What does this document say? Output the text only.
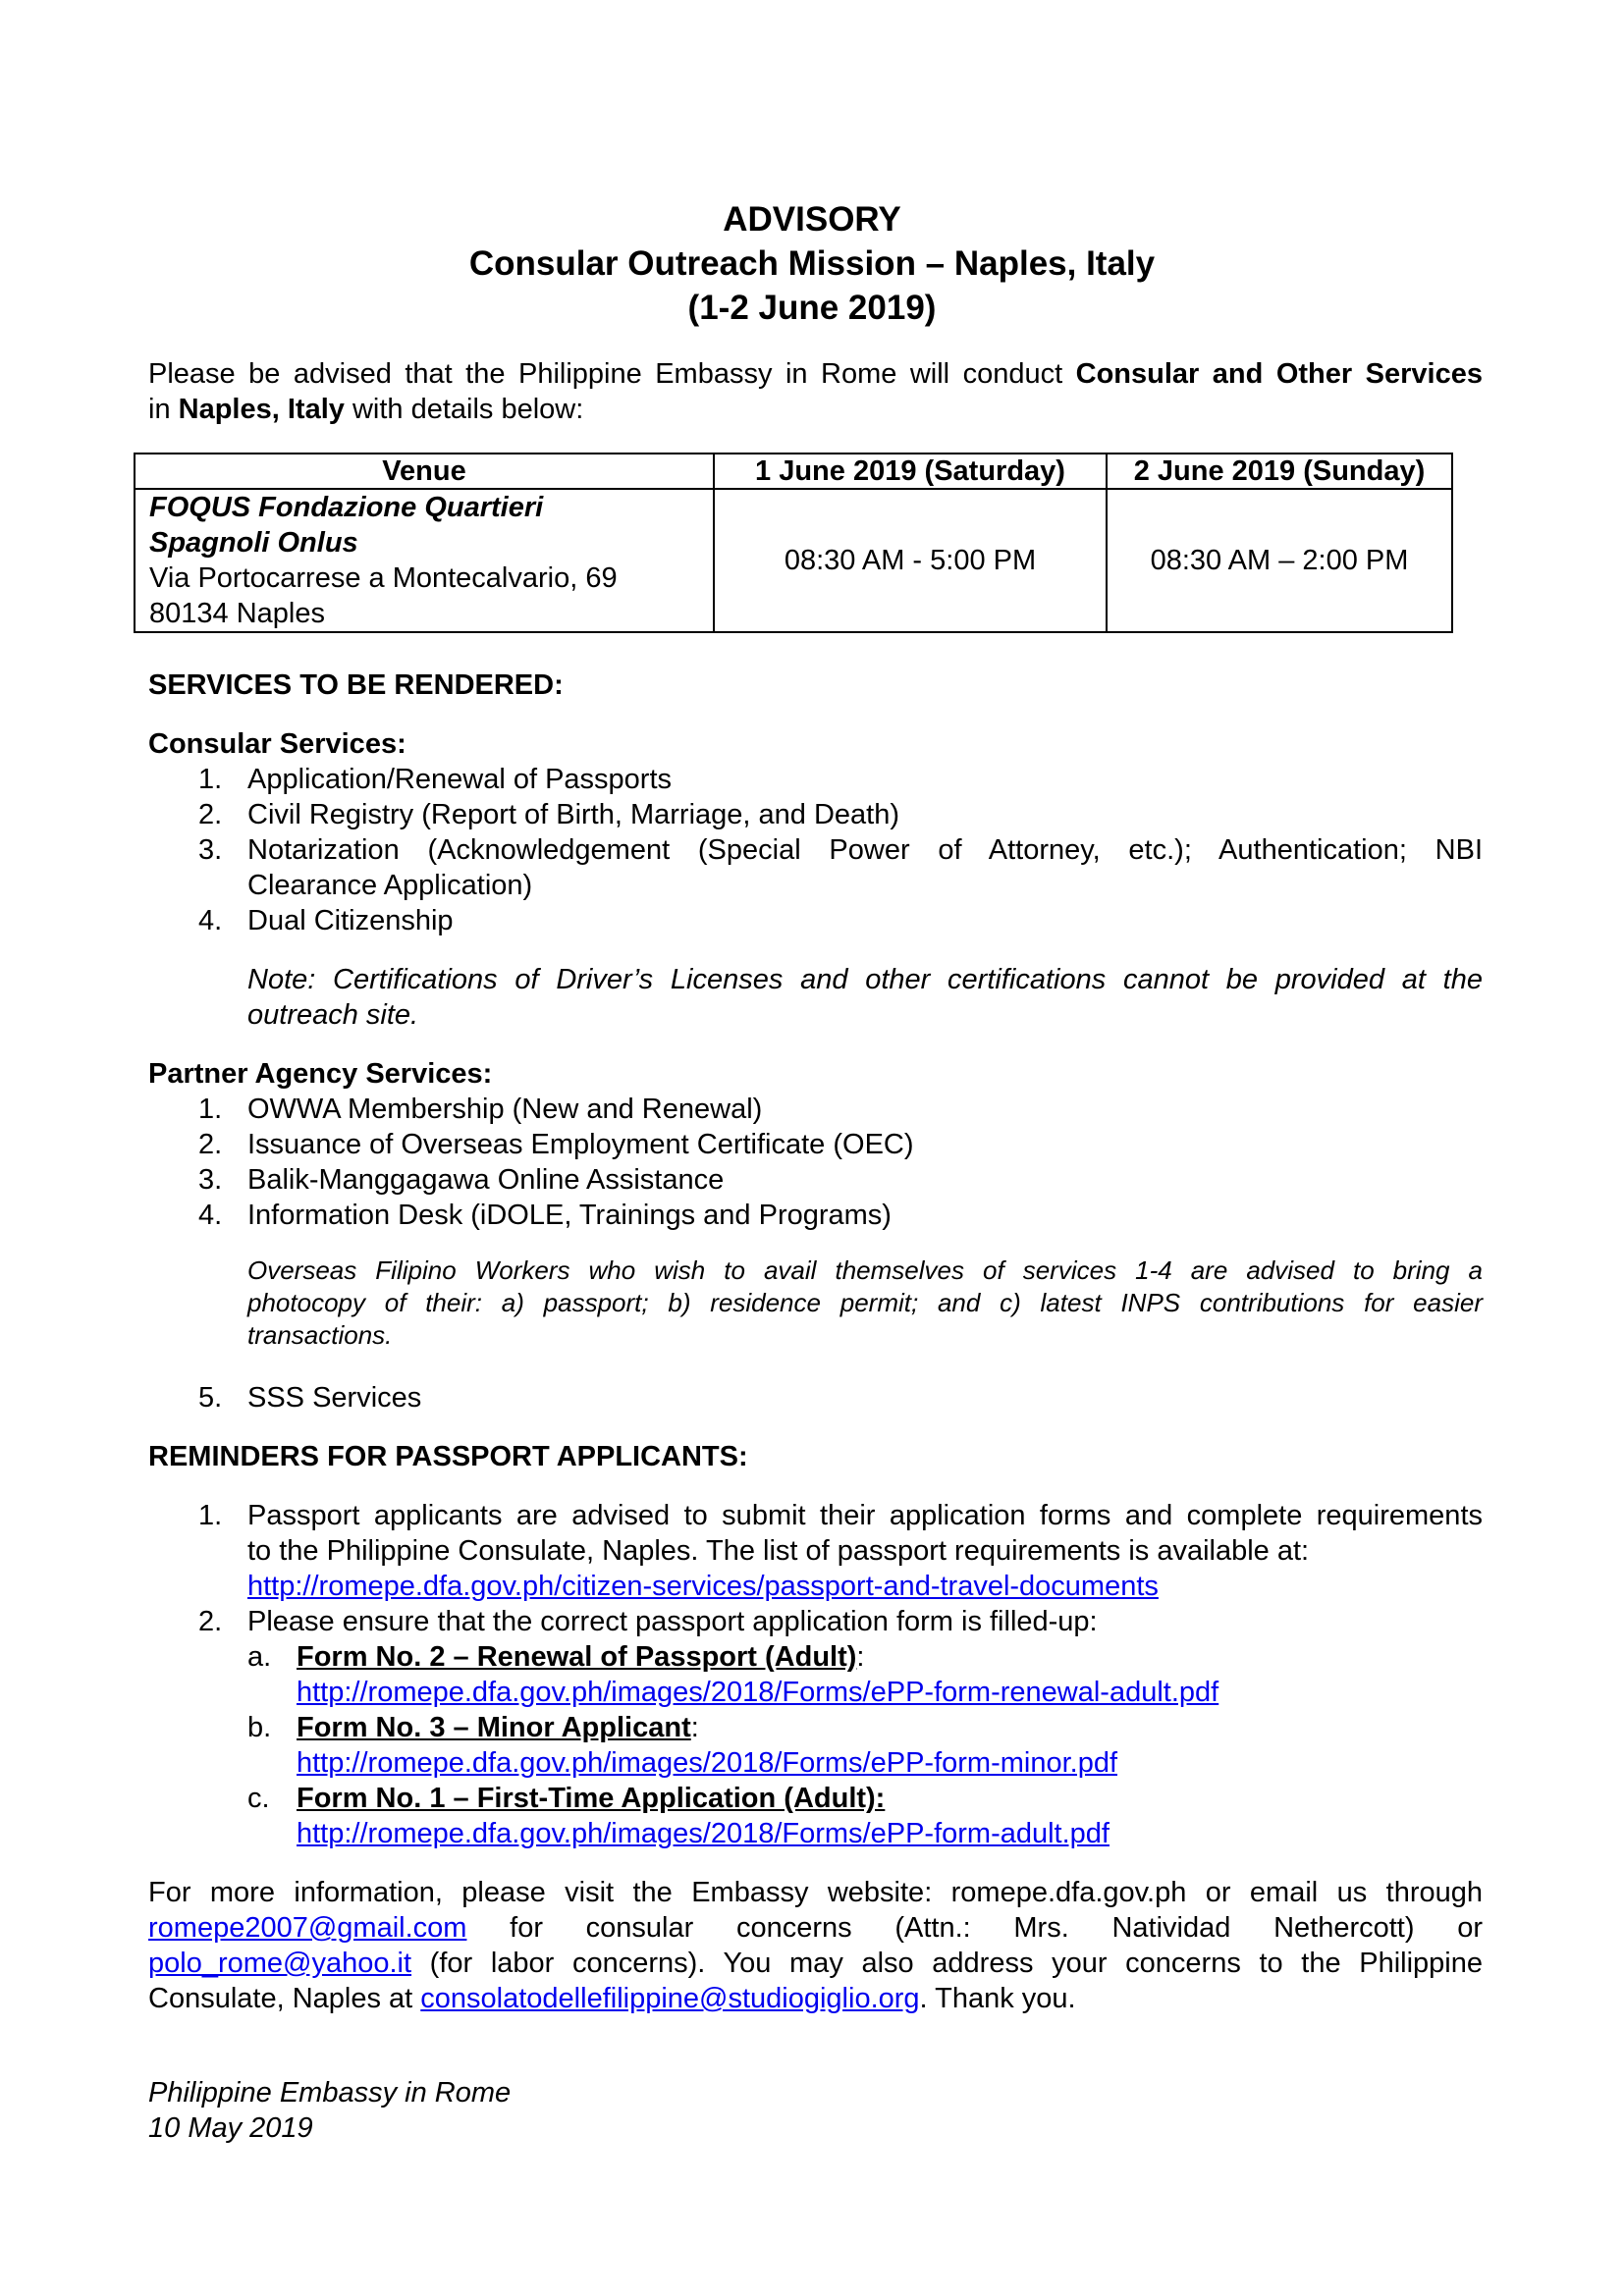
ADVISORY
Consular Outreach Mission – Naples, Italy
(1-2 June 2019)
Please be advised that the Philippine Embassy in Rome will conduct Consular and Other Services
in Naples, Italy with details below:
Venue	1 June 2019 (Saturday)	2 June 2019 (Sunday)

FOQUS Fondazione Quartieri
Spagnoli Onlus
Via Portocarrese a Montecalvario, 69
80134 Naples	08:30 AM - 5:00 PM	08:30 AM – 2:00 PM
SERVICES TO BE RENDERED:
Consular Services:
1. Application/Renewal of Passports
2. Civil Registry (Report of Birth, Marriage, and Death)
3. Notarization (Acknowledgement (Special Power of Attorney, etc.); Authentication; NBI
Clearance Application)
4. Dual Citizenship
Note: Certifications of Driver’s Licenses and other certifications cannot be provided at the
outreach site.
Partner Agency Services:
1. OWWA Membership (New and Renewal)
2. Issuance of Overseas Employment Certificate (OEC)
3. Balik-Manggagawa Online Assistance
4. Information Desk (iDOLE, Trainings and Programs)
Overseas Filipino Workers who wish to avail themselves of services 1-4 are advised to bring a
photocopy of their: a) passport; b) residence permit; and c) latest INPS contributions for easier
transactions.
5. SSS Services
REMINDERS FOR PASSPORT APPLICANTS:
1. Passport applicants are advised to submit their application forms and complete requirements
to the Philippine Consulate, Naples. The list of passport requirements is available at:
http://romepe.dfa.gov.ph/citizen-services/passport-and-travel-documents
2. Please ensure that the correct passport application form is filled-up:
a. Form No. 2 – Renewal of Passport (Adult):
http://romepe.dfa.gov.ph/images/2018/Forms/ePP-form-renewal-adult.pdf
b. Form No. 3 – Minor Applicant:
http://romepe.dfa.gov.ph/images/2018/Forms/ePP-form-minor.pdf
c. Form No. 1 – First-Time Application (Adult):
http://romepe.dfa.gov.ph/images/2018/Forms/ePP-form-adult.pdf
For more information, please visit the Embassy website: romepe.dfa.gov.ph or email us through
romepe2007@gmail.com for consular concerns (Attn.: Mrs. Natividad Nethercott) or
polo_rome@yahoo.it (for labor concerns). You may also address your concerns to the Philippine
Consulate, Naples at consolatodellefilippine@studiogiglio.org. Thank you.
Philippine Embassy in Rome
10 May 2019
